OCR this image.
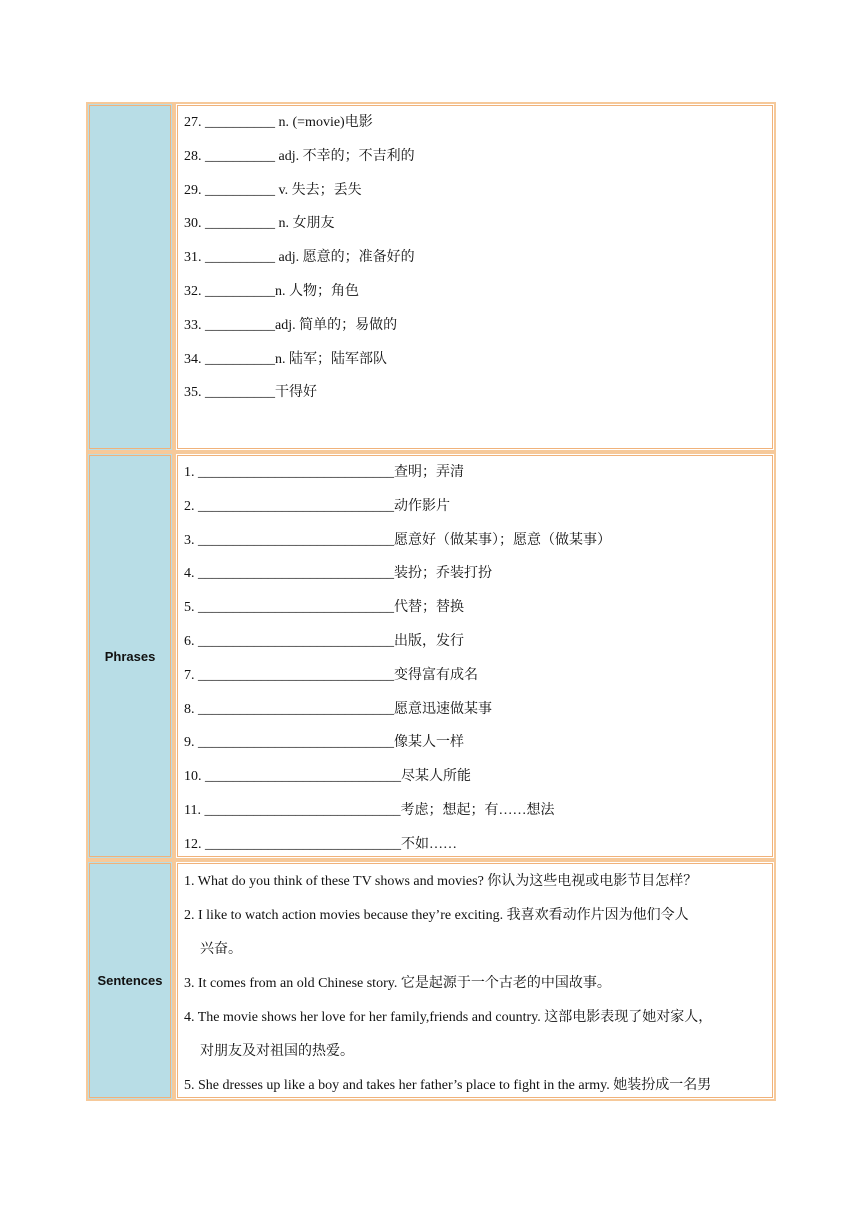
27. __________ n. (=movie)电影
28. __________ adj. 不幸的；不吉利的
29. __________ v. 失去；丢失
30. __________ n. 女朋友
31. __________ adj. 愿意的；准备好的
32. __________n. 人物；角色
33. __________adj. 简单的；易做的
34. __________n. 陆军；陆军部队
35. __________干得好
Phrases
1. ____________________________查明；弄清
2. ____________________________动作影片
3. ____________________________愿意好（做某事）；愿意（做某事）
4. ____________________________装扮；乔装打扮
5. ____________________________代替；替换
6. ____________________________出版，发行
7. ____________________________变得富有成名
8. ____________________________愿意迅速做某事
9. ____________________________像某人一样
10. ____________________________尽某人所能
11. ____________________________考虑；想起；有……想法
12. ____________________________不如……
Sentences
1. What do you think of these TV shows and movies? 你认为这些电视或电影节目怎样？
2. I like to watch action movies because they’re exciting. 我喜欢看动作片因为他们令人
兴奋。
3. It comes from an old Chinese story. 它是起源于一个古老的中国故事。
4. The movie shows her love for her family,friends and country. 这部电影表现了她对家人，
对朋友及对祖国的热爱。
5. She dresses up like a boy and takes her father’s place to fight in the army. 她装扮成一名男
